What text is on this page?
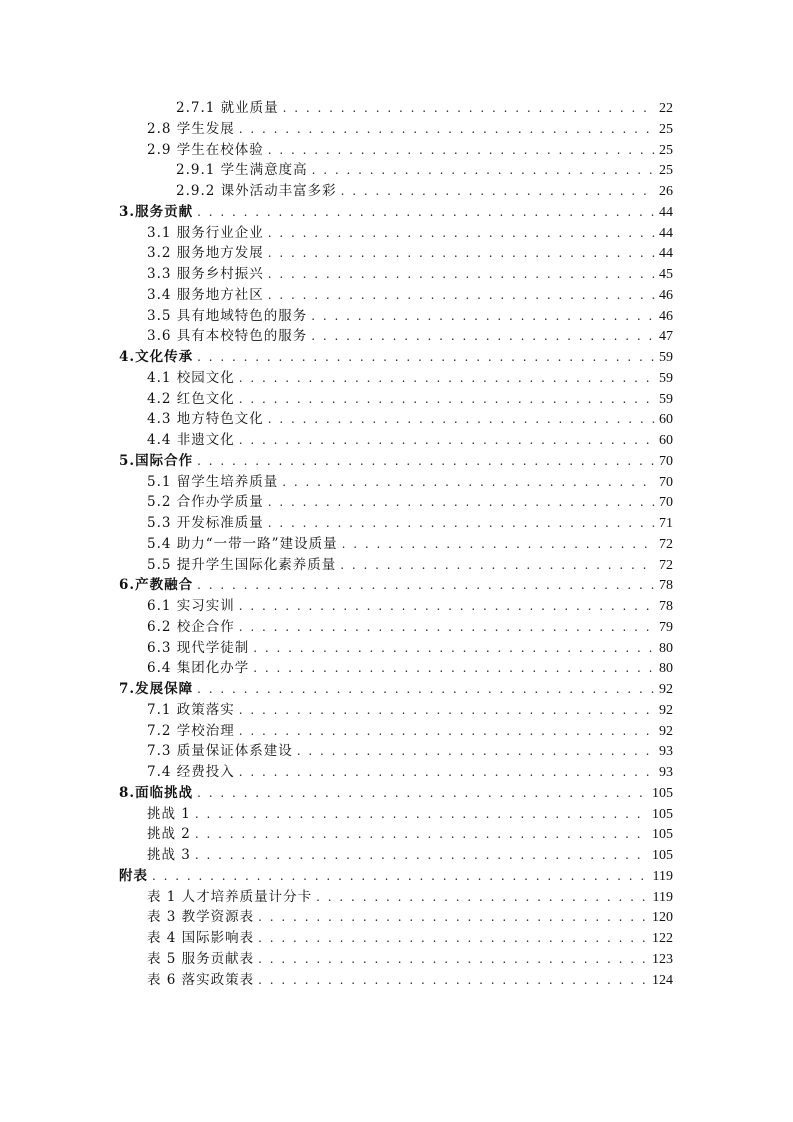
2.7.1 就业质量 . . .	22
2.8 学生发展 . . .	25
2.9 学生在校体验 . . .	25
2.9.1 学生满意度高 . . .	25
2.9.2 课外活动丰富多彩 . . .	26
3.服务贡献 . . .	44
3.1 服务行业企业 . . .	44
3.2 服务地方发展 . . .	44
3.3 服务乡村振兴 . . .	45
3.4 服务地方社区 . . .	46
3.5 具有地域特色的服务 . . .	46
3.6 具有本校特色的服务 . . .	47
4.文化传承 . . .	59
4.1 校园文化 . . .	59
4.2 红色文化 . . .	59
4.3 地方特色文化 . . .	60
4.4 非遗文化 . . .	60
5.国际合作 . . .	70
5.1 留学生培养质量 . . .	70
5.2 合作办学质量 . . .	70
5.3 开发标准质量 . . .	71
5.4 助力“一带一路”建设质量 . . .	72
5.5 提升学生国际化素养质量 . . .	72
6.产教融合 . . .	78
6.1 实习实训 . . .	78
6.2 校企合作 . . .	79
6.3 现代学徒制 . . .	80
6.4 集团化办学 . . .	80
7.发展保障 . . .	92
7.1 政策落实 . . .	92
7.2 学校治理 . . .	92
7.3 质量保证体系建设 . . .	93
7.4 经费投入 . . .	93
8.面临挑战 . . .	105
挑战 1 . . .	105
挑战 2 . . .	105
挑战 3 . . .	105
附表 . . .	119
表 1 人才培养质量计分卡 . . .	119
表 3 教学资源表 . . .	120
表 4 国际影响表 . . .	122
表 5 服务贡献表 . . .	123
表 6 落实政策表 . . .	124
